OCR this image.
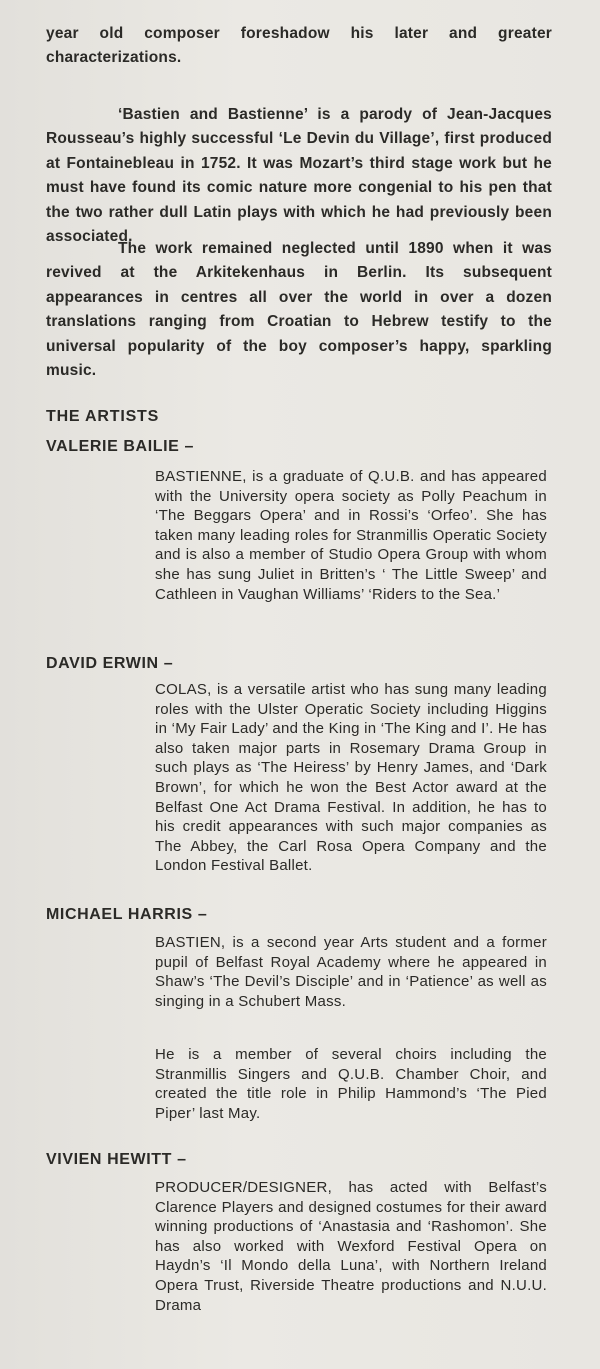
year old composer foreshadow his later and greater characterizations.

‘Bastien and Bastienne’ is a parody of Jean-Jacques Rousseau’s highly successful ‘Le Devin du Village’, first produced at Fontainebleau in 1752. It was Mozart’s third stage work but he must have found its comic nature more congenial to his pen that the two rather dull Latin plays with which he had previously been associated.

The work remained neglected until 1890 when it was revived at the Arkitekenhaus in Berlin. Its subsequent appearances in centres all over the world in over a dozen translations ranging from Croatian to Hebrew testify to the universal popularity of the boy composer’s happy, sparkling music.

THE ARTISTS
VALERIE BAILIE –

BASTIENNE, is a graduate of Q.U.B. and has appeared with the University opera society as Polly Peachum in ‘The Beggars Opera’ and in Rossi’s ‘Orfeo’. She has taken many leading roles for Stranmillis Operatic Society and is also a member of Studio Opera Group with whom she has sung Juliet in Britten’s ‘ The Little Sweep’ and Cathleen in Vaughan Williams’ ‘Riders to the Sea.’

DAVID ERWIN –

COLAS, is a versatile artist who has sung many leading roles with the Ulster Operatic Society including Higgins in ‘My Fair Lady’ and the King in ‘The King and I’. He has also taken major parts in Rosemary Drama Group in such plays as ‘The Heiress’ by Henry James, and ‘Dark Brown’, for which he won the Best Actor award at the Belfast One Act Drama Festival. In addition, he has to his credit appearances with such major companies as The Abbey, the Carl Rosa Opera Company and the London Festival Ballet.

MICHAEL HARRIS –

BASTIEN, is a second year Arts student and a former pupil of Belfast Royal Academy where he appeared in Shaw’s ‘The Devil’s Disciple’ and in ‘Patience’ as well as singing in a Schubert Mass.

He is a member of several choirs including the Stranmillis Singers and Q.U.B. Chamber Choir, and created the title role in Philip Hammond’s ‘The Pied Piper’ last May.

VIVIEN HEWITT –

PRODUCER/DESIGNER, has acted with Belfast’s Clarence Players and designed costumes for their award winning productions of ‘Anastasia and ‘Rashomon’. She has also worked with Wexford Festival Opera on Haydn’s ‘Il Mondo della Luna’, with Northern Ireland Opera Trust, Riverside Theatre productions and N.U.U. Drama
